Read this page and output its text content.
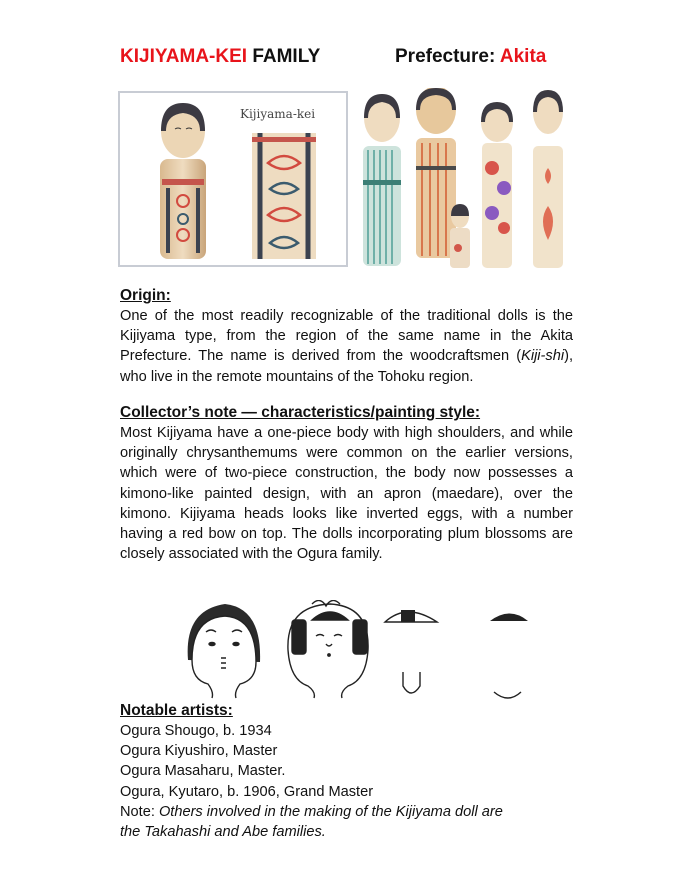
KIJIYAMA-KEI FAMILY	Prefecture: Akita
Kijiyama-kei
Origin:
One of the most readily recognizable of the traditional dolls is the Kijiyama type, from the region of the same name in the Akita Prefecture. The name is derived from the woodcraftsmen (Kiji-shi), who live in the remote mountains of the Tohoku region.
Collector’s note — characteristics/painting style:
Most Kijiyama have a one-piece body with high shoulders, and while originally chrysanthemums were common on the earlier versions, which were of two-piece construction, the body now possesses a kimono-like painted design, with an apron (maedare), over the kimono. Kijiyama heads looks like inverted eggs, with a number having a red bow on top. The dolls incorporating plum blossoms are closely associated with the Ogura family.
Notable artists:
Ogura Shougo, b. 1934
Ogura Kiyushiro, Master
Ogura Masaharu, Master.
Ogura, Kyutaro, b. 1906, Grand Master
Note: Others involved in the making of the Kijiyama doll are
the Takahashi and Abe families.
